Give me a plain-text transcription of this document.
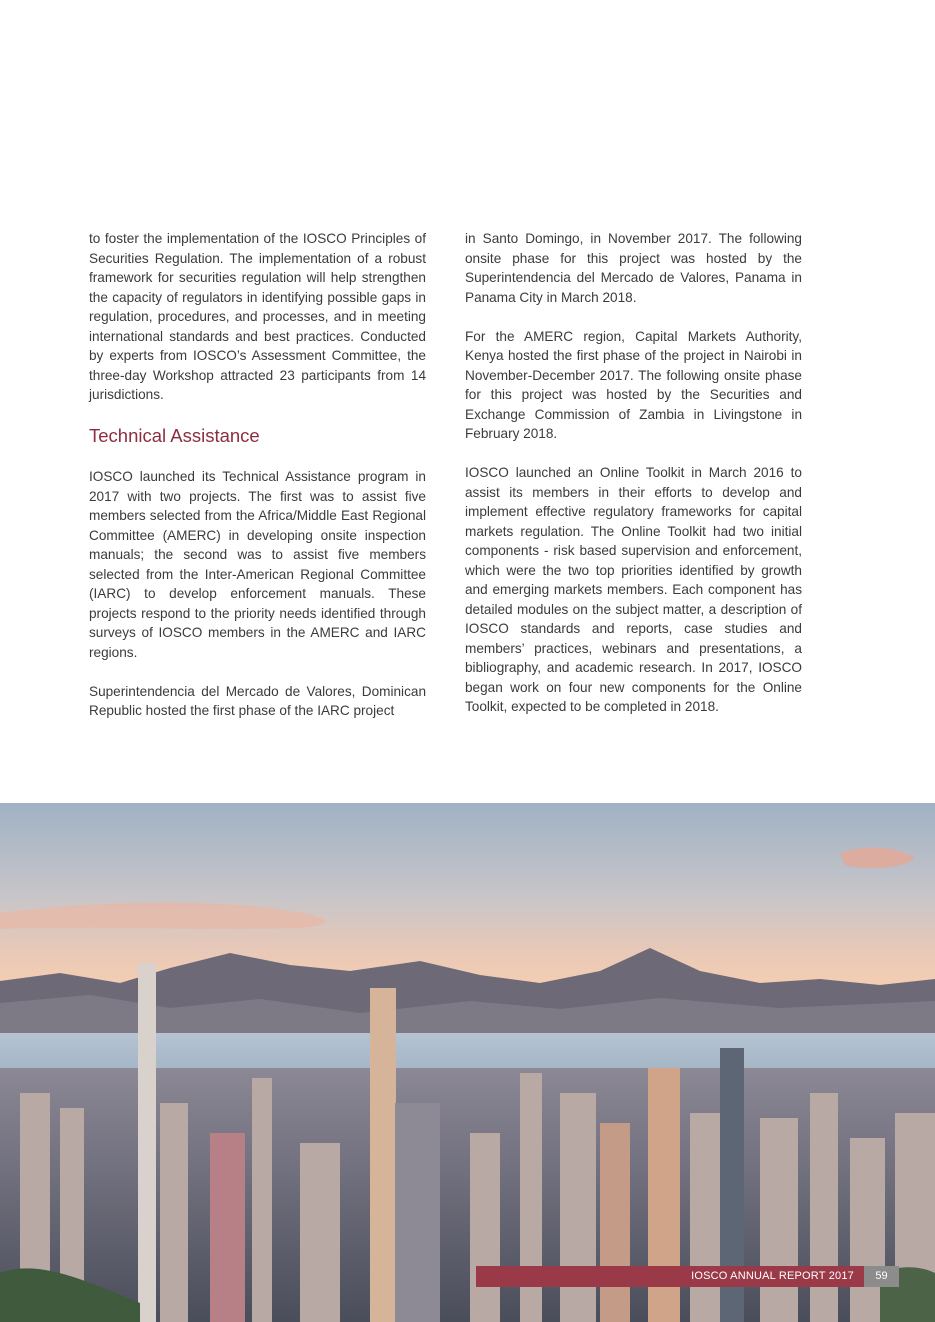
to foster the implementation of the IOSCO Principles of Securities Regulation. The implementation of a robust framework for securities regulation will help strengthen the capacity of regulators in identifying possible gaps in regulation, procedures, and processes, and in meeting international standards and best practices. Conducted by experts from IOSCO’s Assessment Committee, the three-day Workshop attracted 23 participants from 14 jurisdictions.

Technical Assistance

IOSCO launched its Technical Assistance program in 2017 with two projects. The first was to assist five members selected from the Africa/Middle East Regional Committee (AMERC) in developing onsite inspection manuals; the second was to assist five members selected from the Inter-American Regional Committee (IARC) to develop enforcement manuals. These projects respond to the priority needs identified through surveys of IOSCO members in the AMERC and IARC regions.

Superintendencia del Mercado de Valores, Dominican Republic hosted the first phase of the IARC project

in Santo Domingo, in November 2017. The following onsite phase for this project was hosted by the Superintendencia del Mercado de Valores, Panama in Panama City in March 2018.

For the AMERC region, Capital Markets Authority, Kenya hosted the first phase of the project in Nairobi in November-December 2017. The following onsite phase for this project was hosted by the Securities and Exchange Commission of Zambia in Livingstone in February 2018.

IOSCO launched an Online Toolkit in March 2016 to assist its members in their efforts to develop and implement effective regulatory frameworks for capital markets regulation. The Online Toolkit had two initial components - risk based supervision and enforcement, which were the two top priorities identified by growth and emerging markets members. Each component has detailed modules on the subject matter, a description of IOSCO standards and reports, case studies and members’ practices, webinars and presentations, a bibliography, and academic research. In 2017, IOSCO began work on four new components for the Online Toolkit, expected to be completed in 2018.

IOSCO ANNUAL REPORT 2017	59
